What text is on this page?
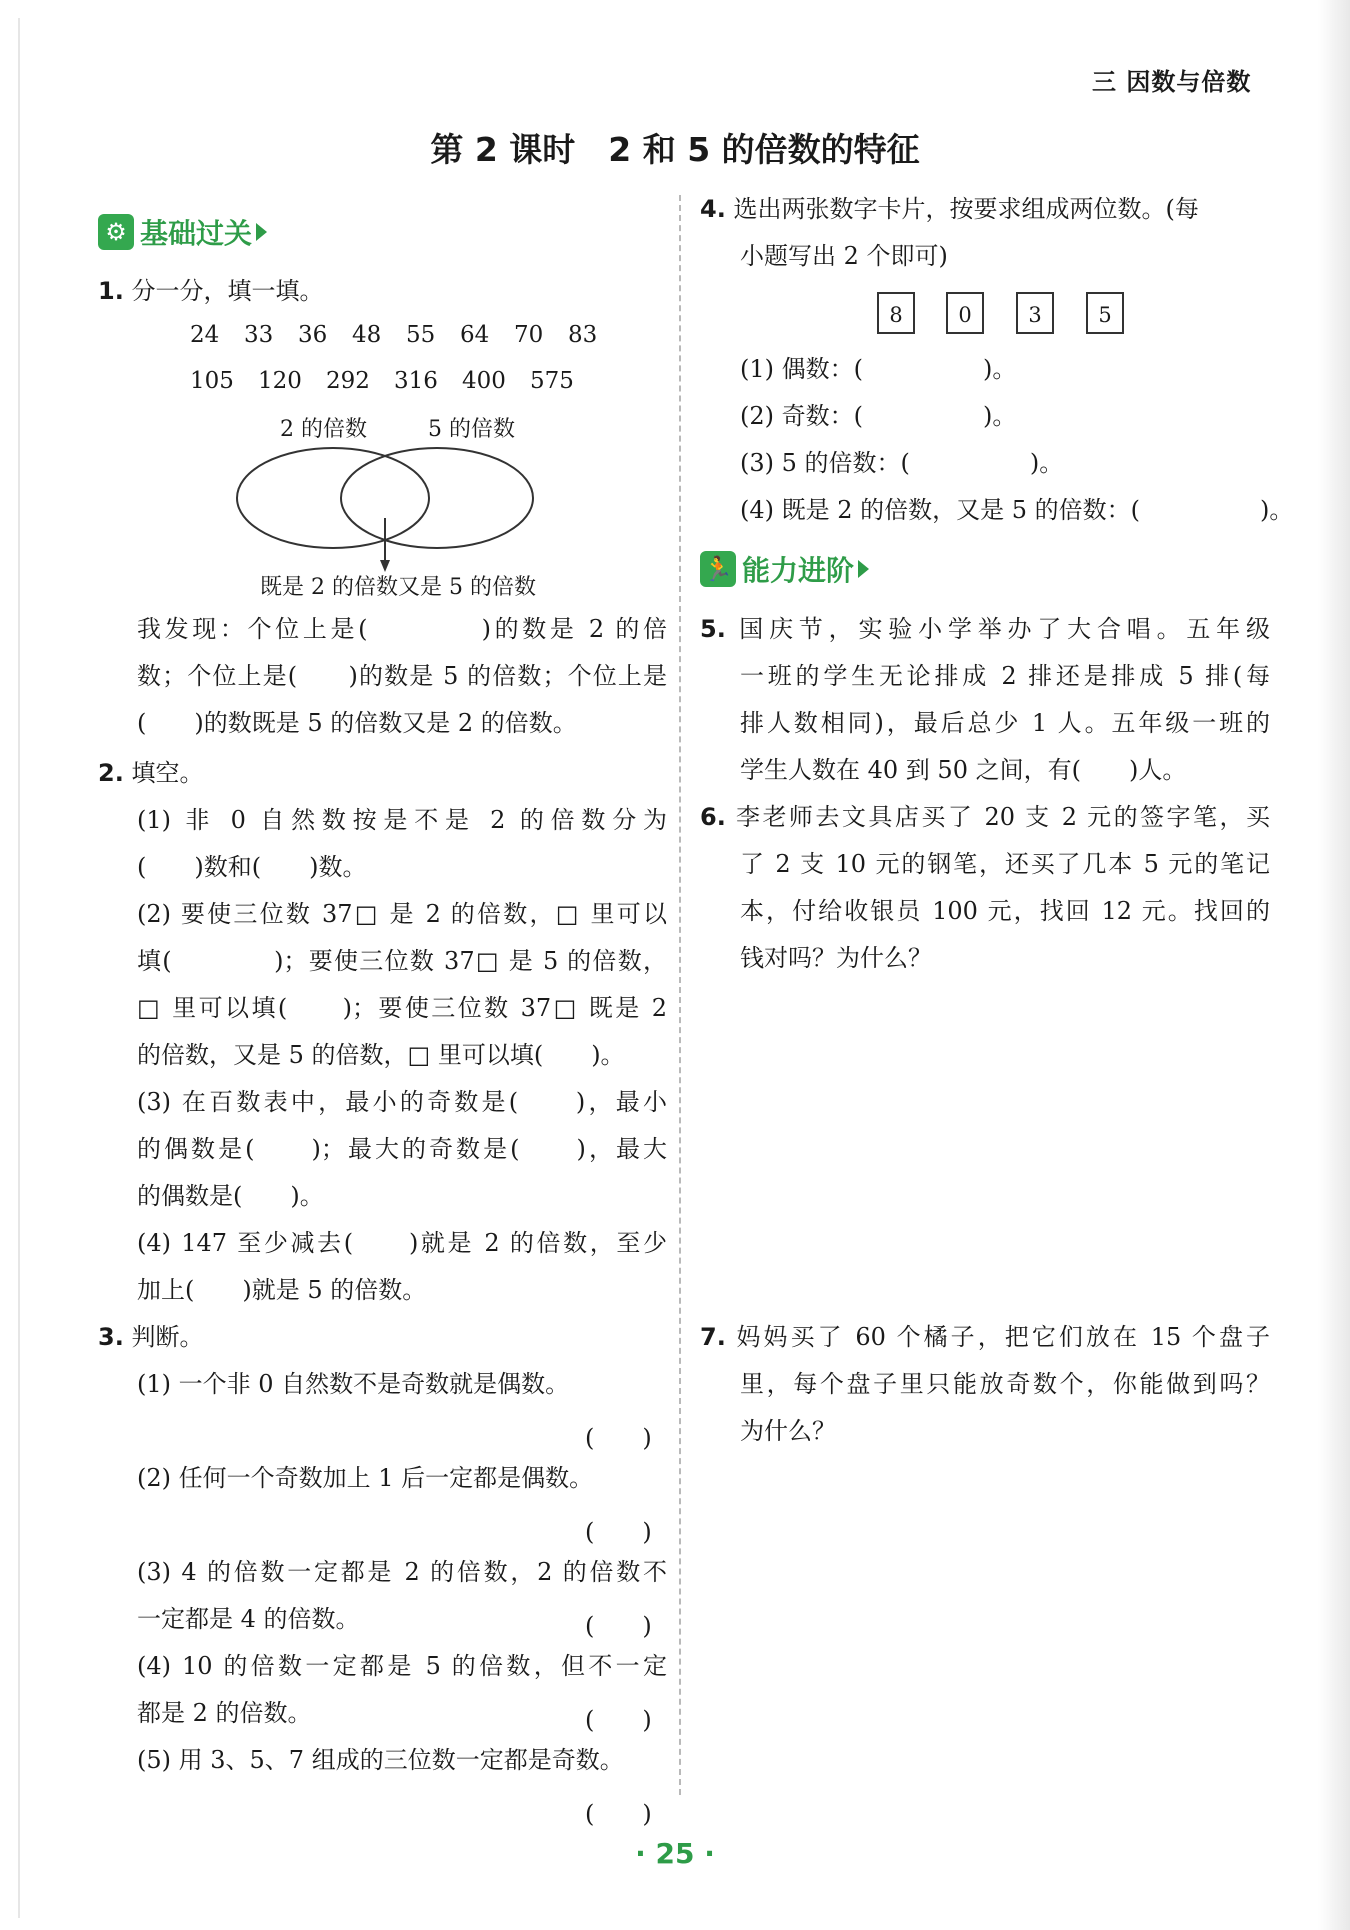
三 因数与倍数
第 2 课时　2 和 5 的倍数的特征
⚙ 基础过关
1. 分一分，填一填。
24	33	36	48	55	64	70	83
105	120	292	316	400	575
2 的倍数	5 的倍数
既是 2 的倍数又是 5 的倍数
我发现：个位上是(　　　　)的数是 2 的倍
数；个位上是(　　)的数是 5 的倍数；个位上是
(　　)的数既是 5 的倍数又是 2 的倍数。
2. 填空。
(1) 非 0 自然数按是不是 2 的倍数分为
(　　)数和(　　)数。
(2) 要使三位数 37□ 是 2 的倍数，□ 里可以
填(　　　　)；要使三位数 37□ 是 5 的倍数，
□ 里可以填(　　)；要使三位数 37□ 既是 2
的倍数，又是 5 的倍数，□ 里可以填(　　)。
(3) 在百数表中，最小的奇数是(　　)，最小
的偶数是(　　)；最大的奇数是(　　)，最大
的偶数是(　　)。
(4) 147 至少减去(　　)就是 2 的倍数，至少
加上(　　)就是 5 的倍数。
3. 判断。
(1) 一个非 0 自然数不是奇数就是偶数。
(　　)
(2) 任何一个奇数加上 1 后一定都是偶数。
(　　)
(3) 4 的倍数一定都是 2 的倍数，2 的倍数不
一定都是 4 的倍数。	(　　)
(4) 10 的倍数一定都是 5 的倍数，但不一定
都是 2 的倍数。	(　　)
(5) 用 3、5、7 组成的三位数一定都是奇数。
(　　)
4. 选出两张数字卡片，按要求组成两位数。(每
小题写出 2 个即可)
8	0	3	5
(1) 偶数：(　　　　　)。
(2) 奇数：(　　　　　)。
(3) 5 的倍数：(　　　　　)。
(4) 既是 2 的倍数，又是 5 的倍数：(　　　　　)。
🏃 能力进阶
5. 国庆节，实验小学举办了大合唱。五年级
一班的学生无论排成 2 排还是排成 5 排(每
排人数相同)，最后总少 1 人。五年级一班的
学生人数在 40 到 50 之间，有(　　)人。
6. 李老师去文具店买了 20 支 2 元的签字笔，买
了 2 支 10 元的钢笔，还买了几本 5 元的笔记
本，付给收银员 100 元，找回 12 元。找回的
钱对吗？为什么？
7. 妈妈买了 60 个橘子，把它们放在 15 个盘子
里，每个盘子里只能放奇数个，你能做到吗？
为什么？
· 25 ·
